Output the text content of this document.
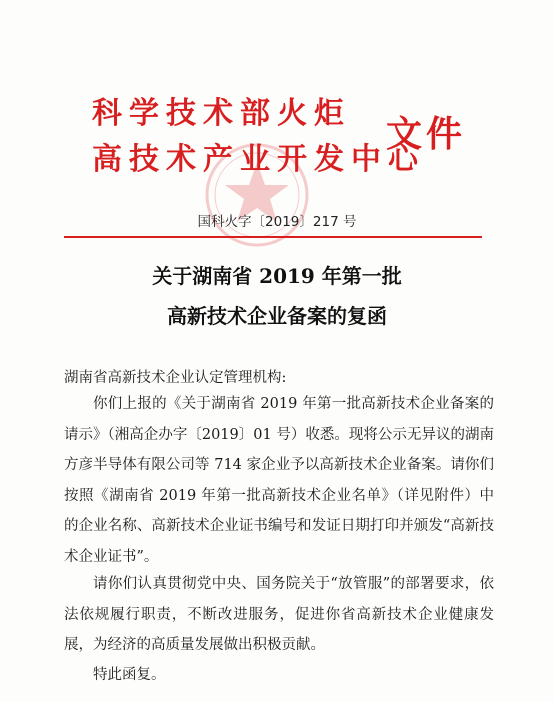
科学技术部火炬
高技术产业开发中心
文件
国科火字〔2019〕217 号
关于湖南省 2019 年第一批
高新技术企业备案的复函
湖南省高新技术企业认定管理机构:
你们上报的《关于湖南省 2019 年第一批高新技术企业备案的请示》（湘高企办字〔2019〕01 号）收悉。现将公示无异议的湖南方彦半导体有限公司等 714 家企业予以高新技术企业备案。请你们按照《湖南省 2019 年第一批高新技术企业名单》（详见附件）中的企业名称、高新技术企业证书编号和发证日期打印并颁发“高新技术企业证书”。
请你们认真贯彻党中央、国务院关于“放管服”的部署要求，依法依规履行职责，不断改进服务，促进你省高新技术企业健康发展，为经济的高质量发展做出积极贡献。
特此函复。
